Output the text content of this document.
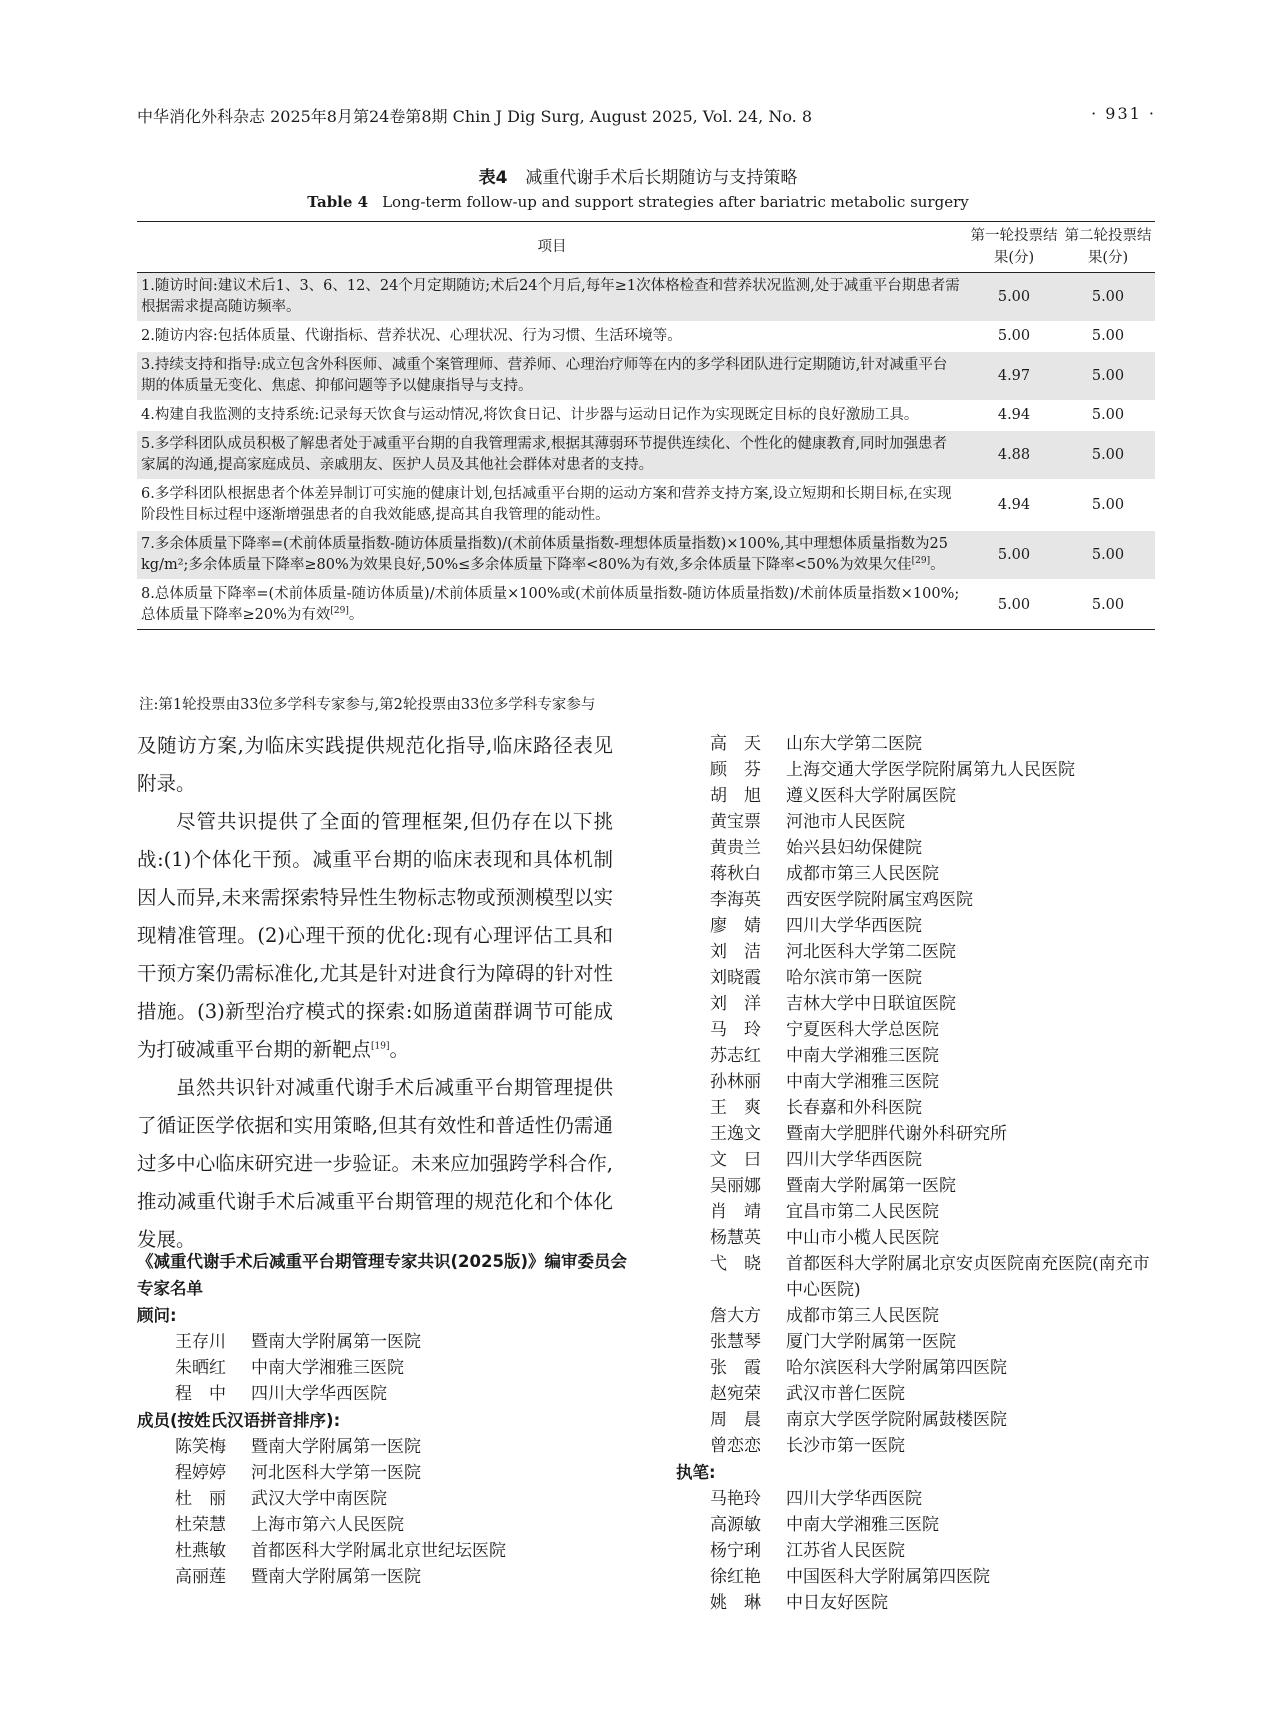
中华消化外科杂志 2025年8月第24卷第8期 Chin J Dig Surg, August 2025, Vol. 24, No. 8	· 931 ·
表4 减重代谢手术后长期随访与支持策略
Table 4 Long-term follow-up and support strategies after bariatric metabolic surgery
项目	第一轮投票结果(分)	第二轮投票结果(分)
1.随访时间:建议术后1、3、6、12、24个月定期随访;术后24个月后,每年≥1次体格检查和营养状况监测,处于减重平台期患者需根据需求提高随访频率。	5.00	5.00
2.随访内容:包括体质量、代谢指标、营养状况、心理状况、行为习惯、生活环境等。	5.00	5.00
3.持续支持和指导:成立包含外科医师、减重个案管理师、营养师、心理治疗师等在内的多学科团队进行定期随访,针对减重平台期的体质量无变化、焦虑、抑郁问题等予以健康指导与支持。	4.97	5.00
4.构建自我监测的支持系统:记录每天饮食与运动情况,将饮食日记、计步器与运动日记作为实现既定目标的良好激励工具。	4.94	5.00
5.多学科团队成员积极了解患者处于减重平台期的自我管理需求,根据其薄弱环节提供连续化、个性化的健康教育,同时加强患者家属的沟通,提高家庭成员、亲戚朋友、医护人员及其他社会群体对患者的支持。	4.88	5.00
6.多学科团队根据患者个体差异制订可实施的健康计划,包括减重平台期的运动方案和营养支持方案,设立短期和长期目标,在实现阶段性目标过程中逐渐增强患者的自我效能感,提高其自我管理的能动性。	4.94	5.00
7.多余体质量下降率=(术前体质量指数-随访体质量指数)/(术前体质量指数-理想体质量指数)×100%,其中理想体质量指数为25 kg/m²;多余体质量下降率≥80%为效果良好,50%≤多余体质量下降率<80%为有效,多余体质量下降率<50%为效果欠佳[29]。	5.00	5.00
8.总体质量下降率=(术前体质量-随访体质量)/术前体质量×100%或(术前体质量指数-随访体质量指数)/术前体质量指数×100%;总体质量下降率≥20%为有效[29]。	5.00	5.00
注:第1轮投票由33位多学科专家参与,第2轮投票由33位多学科专家参与

及随访方案,为临床实践提供规范化指导,临床路径表见附录。

尽管共识提供了全面的管理框架,但仍存在以下挑战:(1)个体化干预。减重平台期的临床表现和具体机制因人而异,未来需探索特异性生物标志物或预测模型以实现精准管理。(2)心理干预的优化:现有心理评估工具和干预方案仍需标准化,尤其是针对进食行为障碍的针对性措施。(3)新型治疗模式的探索:如肠道菌群调节可能成为打破减重平台期的新靶点[19]。

虽然共识针对减重代谢手术后减重平台期管理提供了循证医学依据和实用策略,但其有效性和普适性仍需通过多中心临床研究进一步验证。未来应加强跨学科合作,推动减重代谢手术后减重平台期管理的规范化和个体化发展。

《减重代谢手术后减重平台期管理专家共识(2025版)》编审委员会专家名单
顾问:
王存川 暨南大学附属第一医院
朱晒红 中南大学湘雅三医院
程　中 四川大学华西医院
成员(按姓氏汉语拼音排序):
陈笑梅 暨南大学附属第一医院
程婷婷 河北医科大学第一医院
杜　丽 武汉大学中南医院
杜荣慧 上海市第六人民医院
杜燕敏 首都医科大学附属北京世纪坛医院
高丽莲 暨南大学附属第一医院
高　天 山东大学第二医院
顾　芬 上海交通大学医学院附属第九人民医院
胡　旭 遵义医科大学附属医院
黄宝票 河池市人民医院
黄贵兰 始兴县妇幼保健院
蒋秋白 成都市第三人民医院
李海英 西安医学院附属宝鸡医院
廖　婧 四川大学华西医院
刘　洁 河北医科大学第二医院
刘晓霞 哈尔滨市第一医院
刘　洋 吉林大学中日联谊医院
马　玲 宁夏医科大学总医院
苏志红 中南大学湘雅三医院
孙林丽 中南大学湘雅三医院
王　爽 长春嘉和外科医院
王逸文 暨南大学肥胖代谢外科研究所
文　曰 四川大学华西医院
吴丽娜 暨南大学附属第一医院
肖　靖 宜昌市第二人民医院
杨慧英 中山市小榄人民医院
弋　晓 首都医科大学附属北京安贞医院南充医院(南充市中心医院)
詹大方 成都市第三人民医院
张慧琴 厦门大学附属第一医院
张　霞 哈尔滨医科大学附属第四医院
赵宛荣 武汉市普仁医院
周　晨 南京大学医学院附属鼓楼医院
曾恋恋 长沙市第一医院
执笔:
马艳玲 四川大学华西医院
高源敏 中南大学湘雅三医院
杨宁琍 江苏省人民医院
徐红艳 中国医科大学附属第四医院
姚　琳 中日友好医院
